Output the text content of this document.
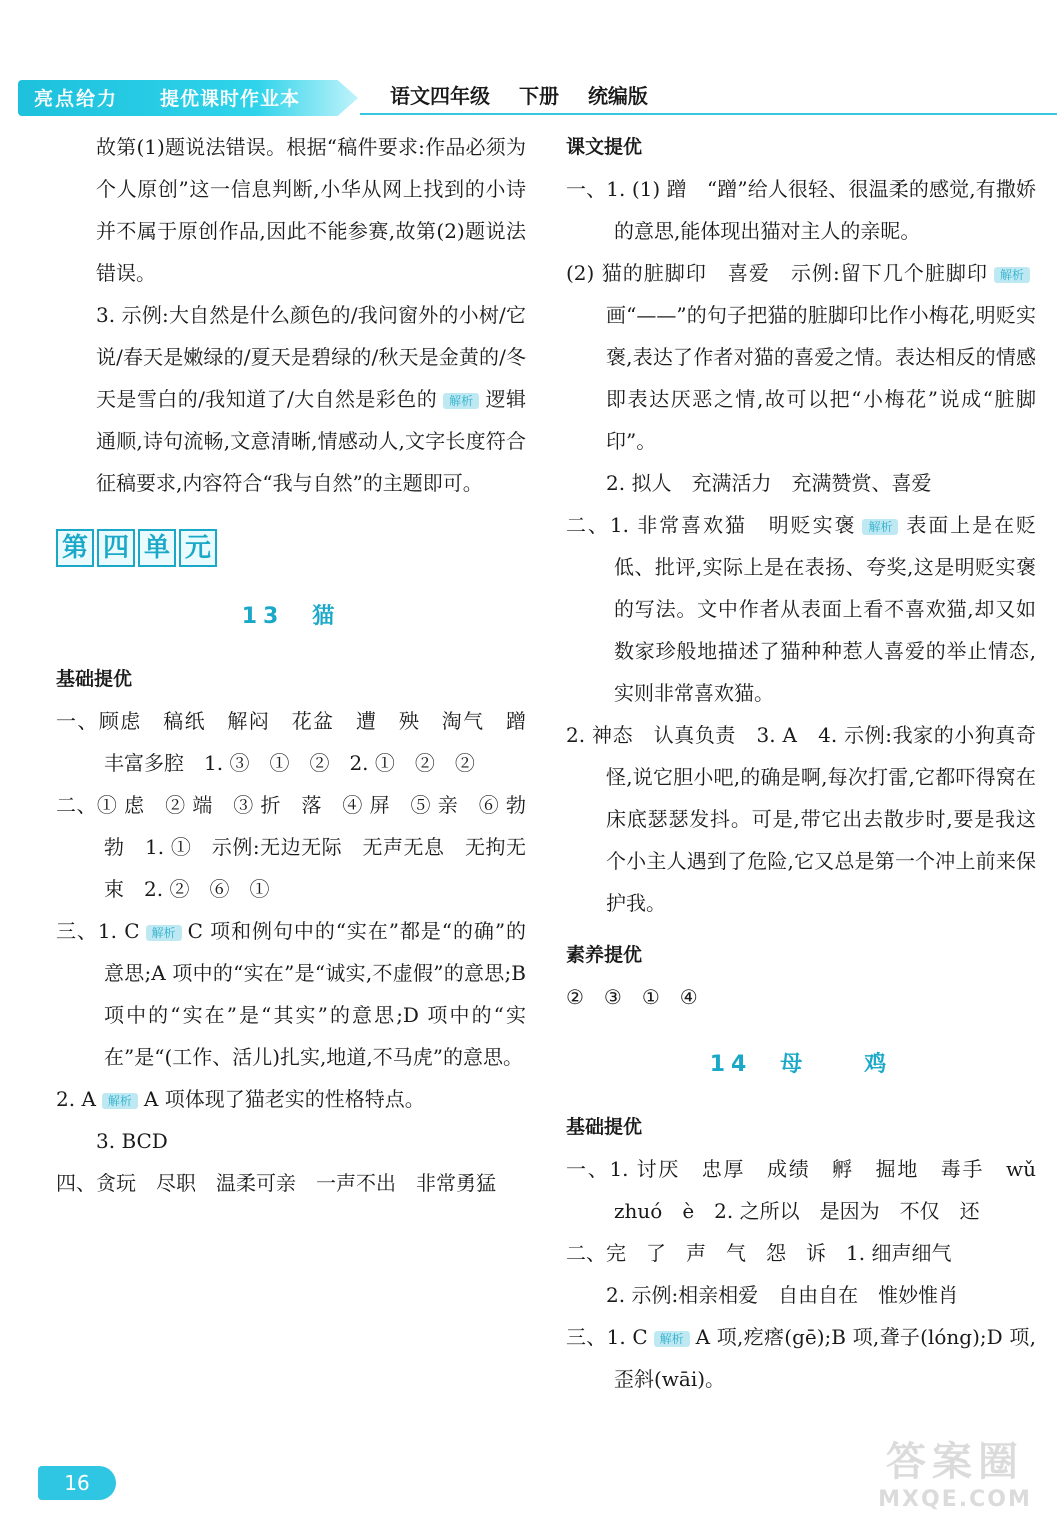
亮点给力 提优课时作业本	语文四年级 下册 统编版

故第(1)题说法错误。根据“稿件要求:作品必须为个人原创”这一信息判断,小华从网上找到的小诗并不属于原创作品,因此不能参赛,故第(2)题说法错误。

3. 示例:大自然是什么颜色的/我问窗外的小树/它说/春天是嫩绿的/夏天是碧绿的/秋天是金黄的/冬天是雪白的/我知道了/大自然是彩色的 解析 逻辑通顺,诗句流畅,文意清晰,情感动人,文字长度符合征稿要求,内容符合“我与自然”的主题即可。

第 四 单 元
13　猫
基础提优

一、顾虑　稿纸　解闷　花盆　遭　殃　淘气　蹭　丰富多腔　1. ③　①　②　2. ①　②　②

二、① 虑　② 端　③ 折　落　④ 屏　⑤ 亲　⑥ 勃勃　1. ①　示例:无边无际　无声无息　无拘无束　2. ②　⑥　①

三、1. C 解析 C 项和例句中的“实在”都是“的确”的意思;A 项中的“实在”是“诚实,不虚假”的意思;B 项中的“实在”是“其实”的意思;D 项中的“实在”是“(工作、活儿)扎实,地道,不马虎”的意思。

2. A 解析 A 项体现了猫老实的性格特点。

3. BCD

四、贪玩　尽职　温柔可亲　一声不出　非常勇猛

课文提优

一、1. (1) 蹭　“蹭”给人很轻、很温柔的感觉,有撒娇的意思,能体现出猫对主人的亲昵。

(2) 猫的脏脚印　喜爱　示例:留下几个脏脚印 解析画“——”的句子把猫的脏脚印比作小梅花,明贬实褒,表达了作者对猫的喜爱之情。表达相反的情感即表达厌恶之情,故可以把“小梅花”说成“脏脚印”。

2. 拟人　充满活力　充满赞赏、喜爱

二、1. 非常喜欢猫　明贬实褒 解析 表面上是在贬低、批评,实际上是在表扬、夸奖,这是明贬实褒的写法。文中作者从表面上看不喜欢猫,却又如数家珍般地描述了猫种种惹人喜爱的举止情态,实则非常喜欢猫。

2. 神态　认真负责　3. A　4. 示例:我家的小狗真奇怪,说它胆小吧,的确是啊,每次打雷,它都吓得窝在床底瑟瑟发抖。可是,带它出去散步时,要是我这个小主人遇到了危险,它又总是第一个冲上前来保护我。

素养提优

②　③　①　④

14　母　　鸡
基础提优

一、1. 讨厌　忠厚　成绩　孵　掘地　毒手　wǔ　zhuó　è　2. 之所以　是因为　不仅　还

二、完　了　声　气　怨　诉　1. 细声细气

2. 示例:相亲相爱　自由自在　惟妙惟肖

三、1. C 解析 A 项,疙瘩(gē);B 项,聋子(lóng);D 项,歪斜(wāi)。

16	答案圈
MXQE.COM
